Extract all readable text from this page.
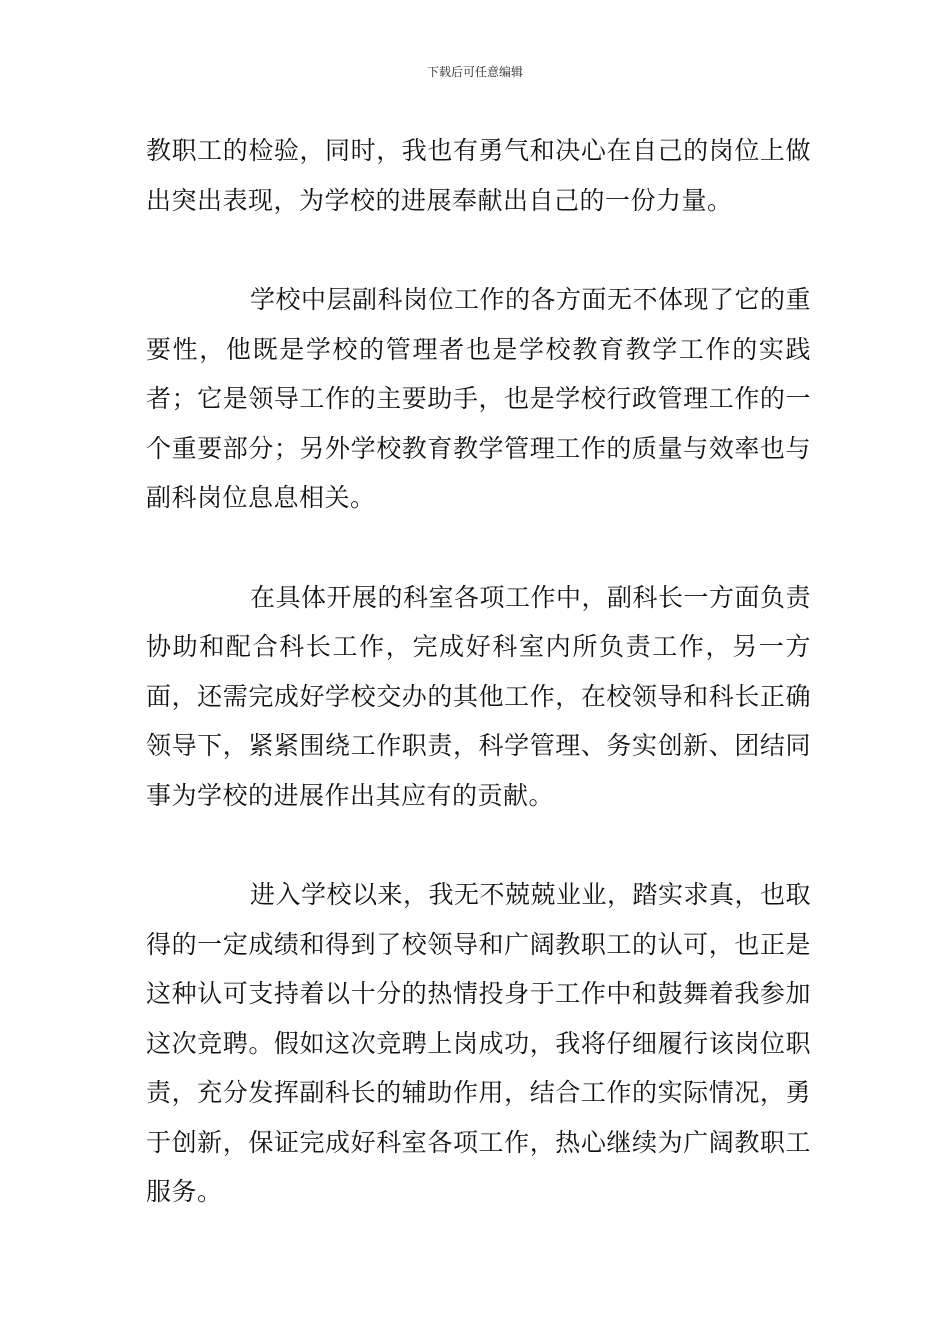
下载后可任意编辑

教职工的检验，同时，我也有勇气和决心在自己的岗位上做出突出表现，为学校的进展奉献出自己的一份力量。

学校中层副科岗位工作的各方面无不体现了它的重要性，他既是学校的管理者也是学校教育教学工作的实践者；它是领导工作的主要助手，也是学校行政管理工作的一个重要部分；另外学校教育教学管理工作的质量与效率也与副科岗位息息相关。

在具体开展的科室各项工作中，副科长一方面负责协助和配合科长工作，完成好科室内所负责工作，另一方面，还需完成好学校交办的其他工作，在校领导和科长正确领导下，紧紧围绕工作职责，科学管理、务实创新、团结同事为学校的进展作出其应有的贡献。

进入学校以来，我无不兢兢业业，踏实求真，也取得的一定成绩和得到了校领导和广阔教职工的认可，也正是这种认可支持着以十分的热情投身于工作中和鼓舞着我参加这次竞聘。假如这次竞聘上岗成功，我将仔细履行该岗位职责，充分发挥副科长的辅助作用，结合工作的实际情况，勇于创新，保证完成好科室各项工作，热心继续为广阔教职工服务。
